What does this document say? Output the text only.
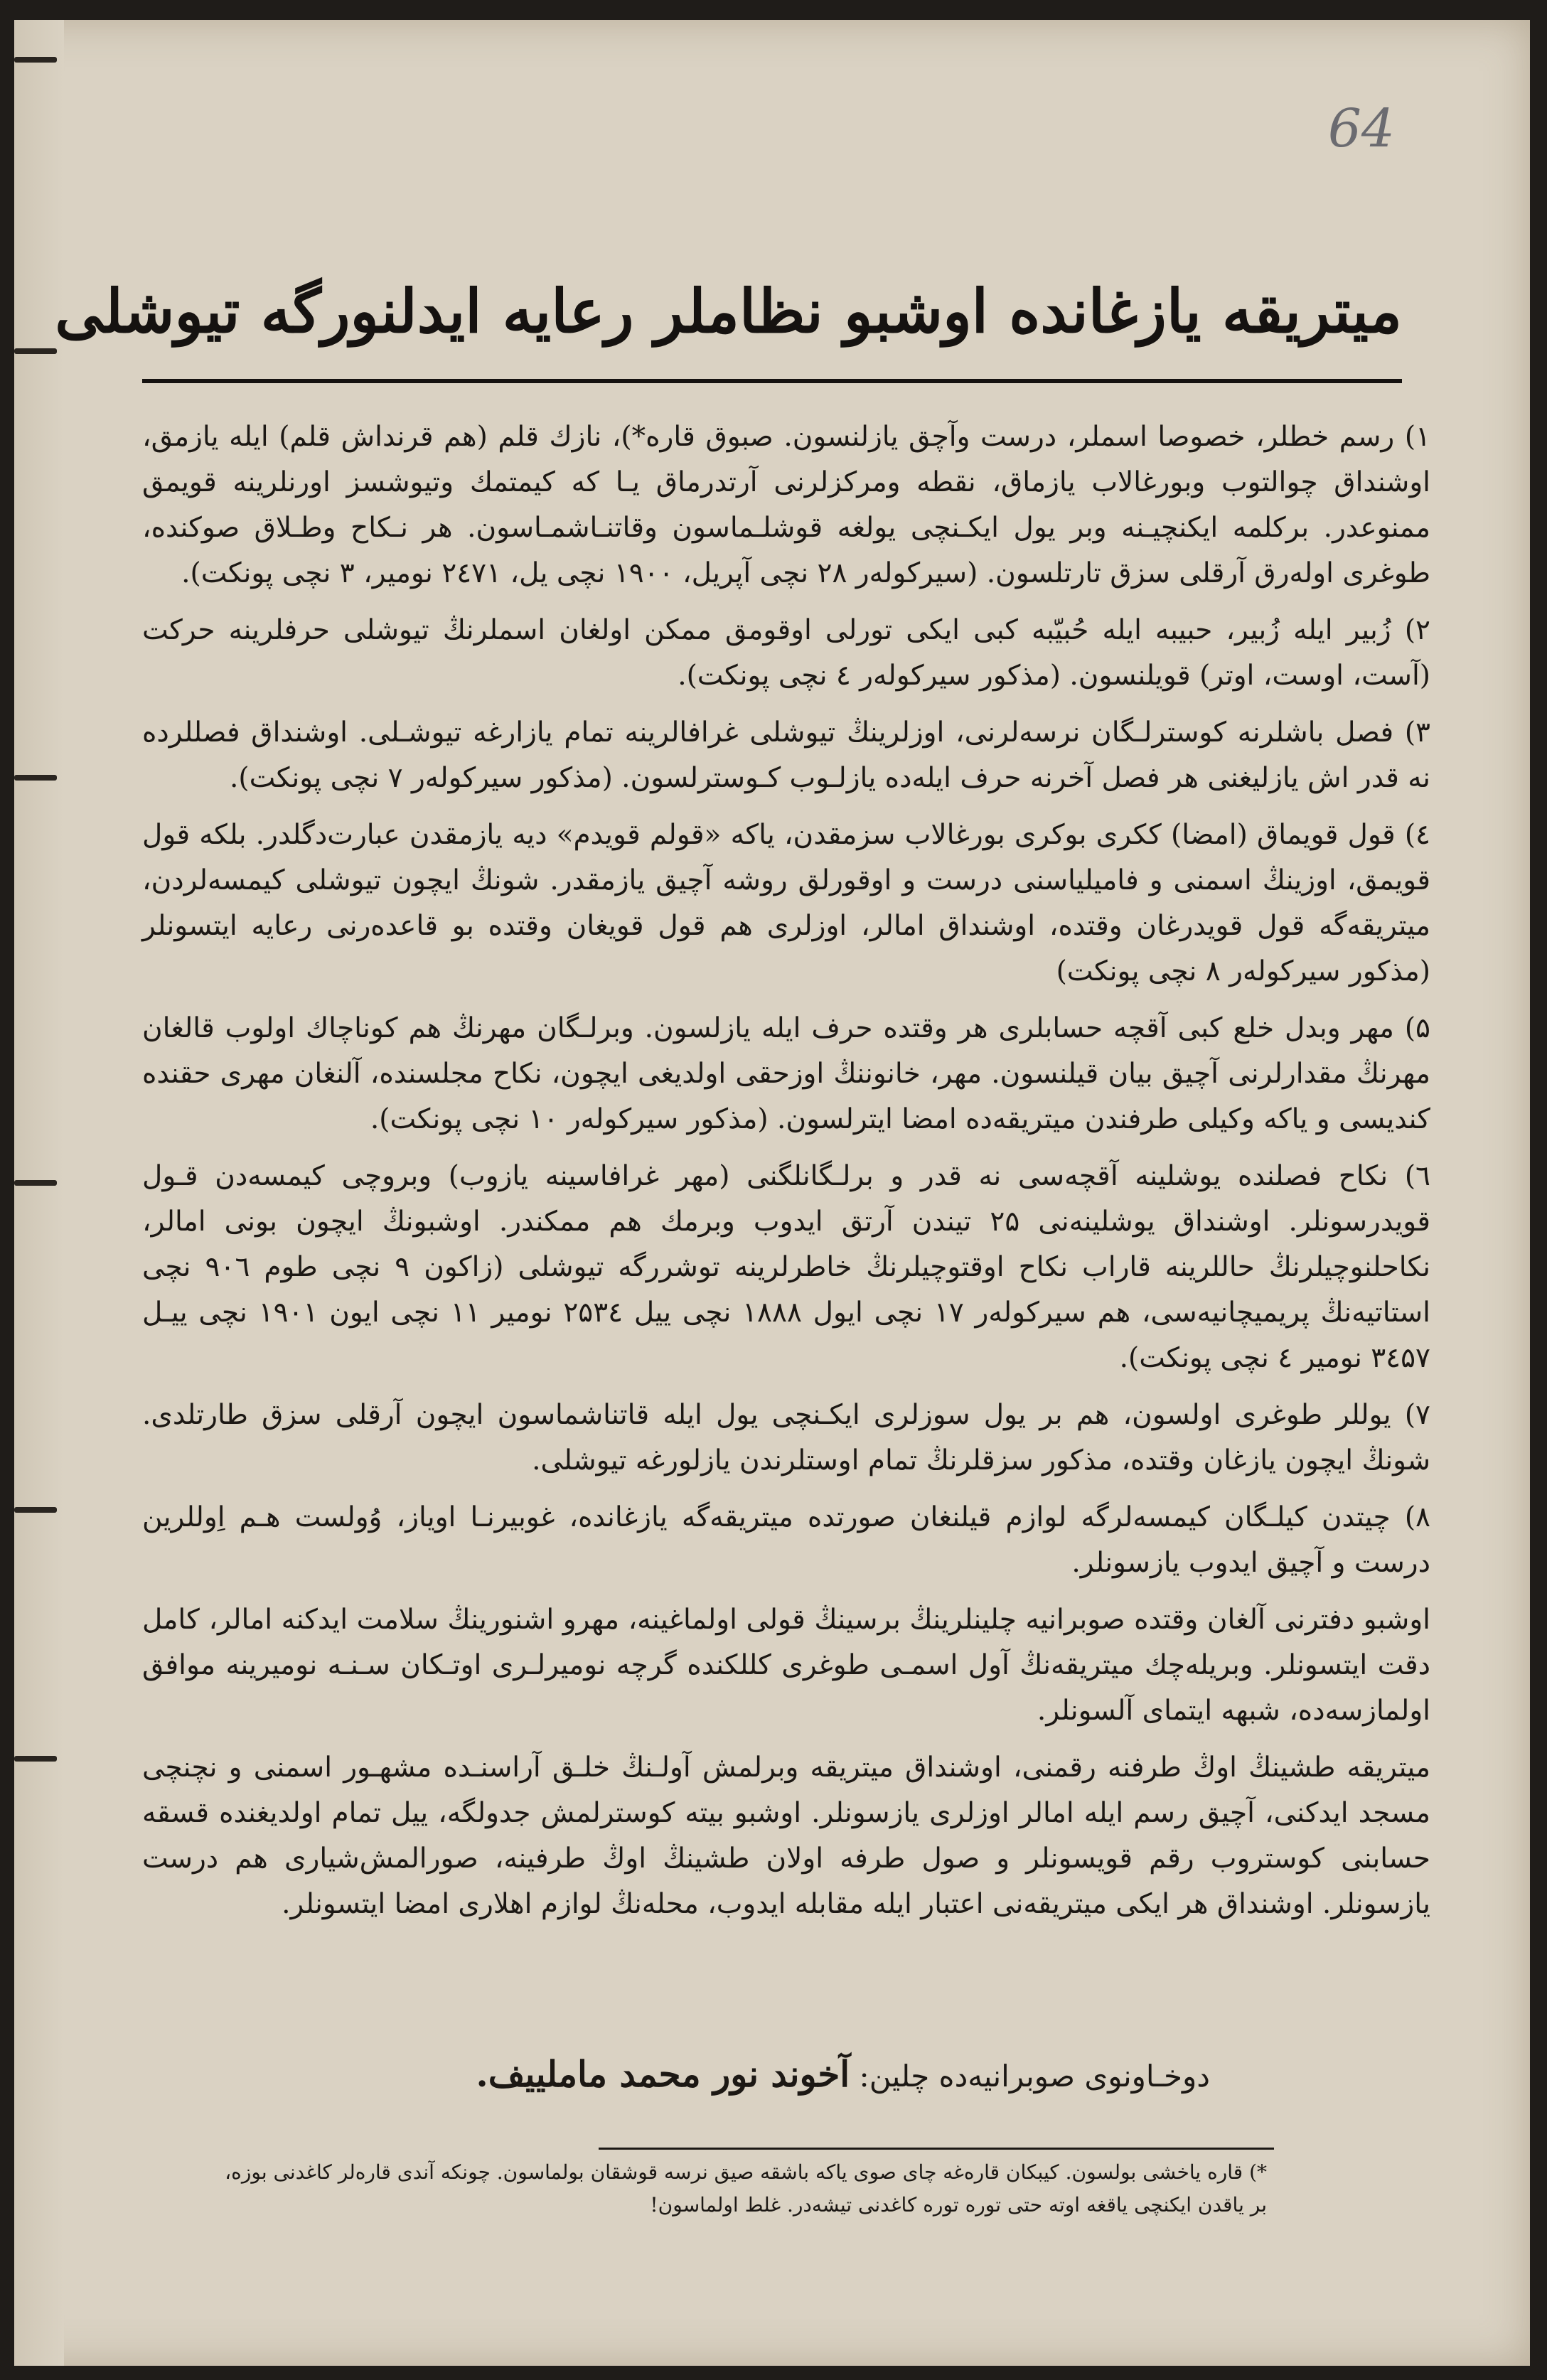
64
میتریقه یازغانده اوشبو نظاملر رعایه ایدلنورگه تیوشلی

۱) رسم خطلر، خصوصا اسملر، درست وآچق یازلنسون. صبوق قاره*)، نازك قلم (هم قرنداش قلم) ایله یازمق، اوشنداق چوالتوب وبورغالاب یازماق، نقطه ومرکزلرنی آرتدرماق یـا که کیمتمك وتیوشسز اورنلرینه قویمق ممنوعدر. برکلمه ایکنچیـنه وبر یول ایکـنچی یولغه قوشلـماسون وقاتنـاشمـاسون. هر نـکاح وطـلاق صوکنده، طوغری اوله‌رق آرقلی سزق تارتلسون. (سیرکولەر ۲۸ نچی آپریل، ۱۹۰۰ نچی یل، ۲٤٧۱ نومیر، ۳ نچی پونکت).

۲) زُبیر ایله زُبیر، حبیبه ایله حُبیّبه کبی ایکی تورلی اوقومق ممکن اولغان اسملرنڭ تیوشلی حرفلرینه حرکت (آست، اوست، اوتر) قویلنسون. (مذکور سیرکولەر ٤ نچی پونکت).

۳) فصل باشلرنه کوسترلـگان نرسه‌لرنی، اوزلرینڭ تیوشلی غرافالرینه تمام یازارغه تیوشـلی. اوشنداق فصللرده نه قدر اش یازلیغنی هر فصل آخرنه حرف ایله‌ده یازلـوب کـوسترلسون. (مذکور سیرکولەر ۷ نچی پونکت).

٤) قول قویماق (امضا) ککری بوکری بورغالاب سزمقدن، یاکه «قولم قویدم» دیه یازمقدن عبارت‌دگلدر. بلکه قول قویمق، اوزینڭ اسمنی و فامیلیاسنی درست و اوقورلق روشه آچیق یازمقدر. شونڭ ایچون تیوشلی کیمسه‌لردن، میتریقه‌گه قول قویدرغان وقتده، اوشنداق امالر، اوزلری هم قول قویغان وقتده بو قاعده‌رنی رعایه ایتسونلر (مذکور سیرکولەر ۸ نچی پونکت)

۵) مهر وبدل خلع کبی آقچه حسابلری هر وقتده حرف ایله یازلسون. وبرلـگان مهرنڭ هم کوناچاك اولوب قالغان مهرنڭ مقدارلرنی آچیق بیان قیلنسون. مهر، خانوننڭ اوزحقی اولدیغی ایچون، نکاح مجلسنده، آلنغان مهری حقنده کندیسی و یاکه وکیلی طرفندن میتریقه‌ده امضا ایترلسون. (مذکور سیرکولەر ۱۰ نچی پونکت).

٦) نکاح فصلنده یوشلینه آقچه‌سی نه قدر و برلـگانلگنی (مهر غرافاسینه یازوب) وبروچی کیمسه‌دن قـول قویدرسونلر. اوشنداق یوشلینه‌نی ۲۵ تیندن آرتق ایدوب وبرمك هم ممکندر. اوشبونڭ ایچون بونی امالر، نکاحلنوچیلرنڭ حاللرینه قاراب نکاح اوقتوچیلرنڭ خاطرلرینه توشررگه تیوشلی (زاکون ۹ نچی طوم ۹۰٦ نچی استاتیه‌نڭ پریمیچانیه‌سی، هم سیرکولەر ۱۷ نچی ایول ۱۸۸۸ نچی ییل ۲۵۳٤ نومیر ۱۱ نچی ایون ۱۹۰۱ نچی ییـل ۳٤۵۷ نومیر ٤ نچی پونکت).

۷) یوللر طوغری اولسون، هم بر یول سوزلری ایکـنچی یول ایله قاتناشماسون ایچون آرقلی سزق طارتلدی. شونڭ ایچون یازغان وقتده، مذکور سزقلرنڭ تمام اوستلرندن یازلورغه تیوشلی.

۸) چیتدن کیلـگان کیمسه‌لرگه لوازم قیلنغان صورتده میتریقه‌گه یازغانده، غوبیرنـا اویاز، وُولست هـم اِوللرین درست و آچیق ایدوب یازسونلر.

اوشبو دفترنی آلغان وقتده صوبرانیه چلینلرینڭ برسینڭ قولی اولماغینه، مهرو اشنورینڭ سلامت ایدکنه امالر، کامل دقت ایتسونلر. وبریله‌چك میتریقه‌نڭ آول اسمـی طوغری کللکنده گرچه نومیرلـری اوتـکان سـنـه نومیرینه موافق اولمازسه‌ده، شبهه ایتمای آلسونلر.

میتریقه طشینڭ اوڭ طرفنه رقمنی، اوشنداق میتریقه وبرلمش آولـنڭ خلـق آراسنـده مشهـور اسمنی و نچنچی مسجد ایدکنی، آچیق رسم ایله امالر اوزلری یازسونلر. اوشبو بیته کوسترلمش جدولگه، ییل تمام اولدیغنده قسقه حسابنی کوستروب رقم قویسونلر و صول طرفه اولان طشینڭ اوڭ طرفینه، صورالمش‌شیاری هم درست یازسونلر. اوشنداق هر ایکی میتریقه‌نی اعتبار ایله مقابله ایدوب، محله‌نڭ لوازم اهلاری امضا ایتسونلر.

دوخـاونوی صوبرانیه‌ده چلین: آخوند نور محمد ماملییف.

*) قاره یاخشی بولسون. کیبکان قارەغه چای صوی یاکه باشقه صیق نرسه قوشقان بولماسون. چونکه آندی قاره‌لر کاغدنی بوزه،

بر یاقدن ایکنچی یاقغه اوته حتی توره توره کاغدنی تیشەدر. غلط اولماسون!
